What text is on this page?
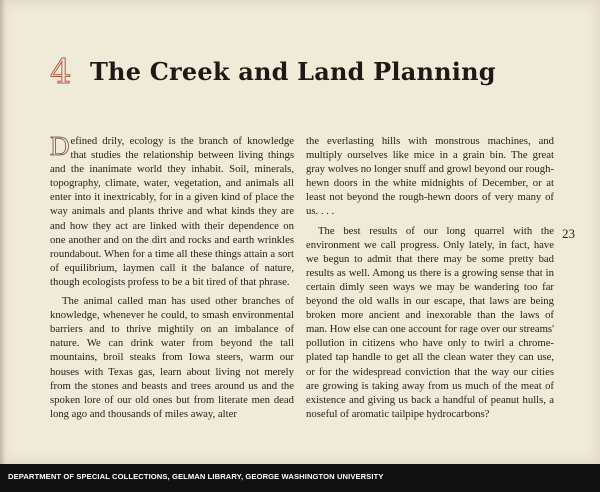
4 The Creek and Land Planning

Defined drily, ecology is the branch of knowledge that studies the relationship between living things and the inanimate world they inhabit. Soil, minerals, topography, climate, water, vegetation, and animals all enter into it inextricably, for in a given kind of place the way animals and plants thrive and what kinds they are and how they act are linked with their dependence on one another and on the dirt and rocks and earth wrinkles roundabout. When for a time all these things attain a sort of equilibrium, laymen call it the balance of nature, though ecologists profess to be a bit tired of that phrase.

The animal called man has used other branches of knowledge, whenever he could, to smash environmental barriers and to thrive mightily on an imbalance of nature. We can drink water from beyond the tall mountains, broil steaks from Iowa steers, warm our houses with Texas gas, learn about living not merely from the stones and beasts and trees around us and the spoken lore of our old ones but from literate men dead long ago and thousands of miles away, alter

the everlasting hills with monstrous machines, and multiply ourselves like mice in a grain bin. The great gray wolves no longer snuff and growl beyond our rough-hewn doors in the white midnights of December, or at least not beyond the rough-hewn doors of very many of us. . . .

The best results of our long quarrel with the environment we call progress. Only lately, in fact, have we begun to admit that there may be some pretty bad results as well. Among us there is a growing sense that in certain dimly seen ways we may be wandering too far beyond the old walls in our escape, that laws are being broken more ancient and inexorable than the laws of man. How else can one account for rage over our streams' pollution in citizens who have only to twirl a chrome-plated tap handle to get all the clean water they can use, or for the widespread conviction that the way our cities are growing is taking away from us much of the meat of existence and giving us back a handful of peanut hulls, a noseful of aromatic tailpipe hydrocarbons?

23
DEPARTMENT OF SPECIAL COLLECTIONS, GELMAN LIBRARY, GEORGE WASHINGTON UNIVERSITY
